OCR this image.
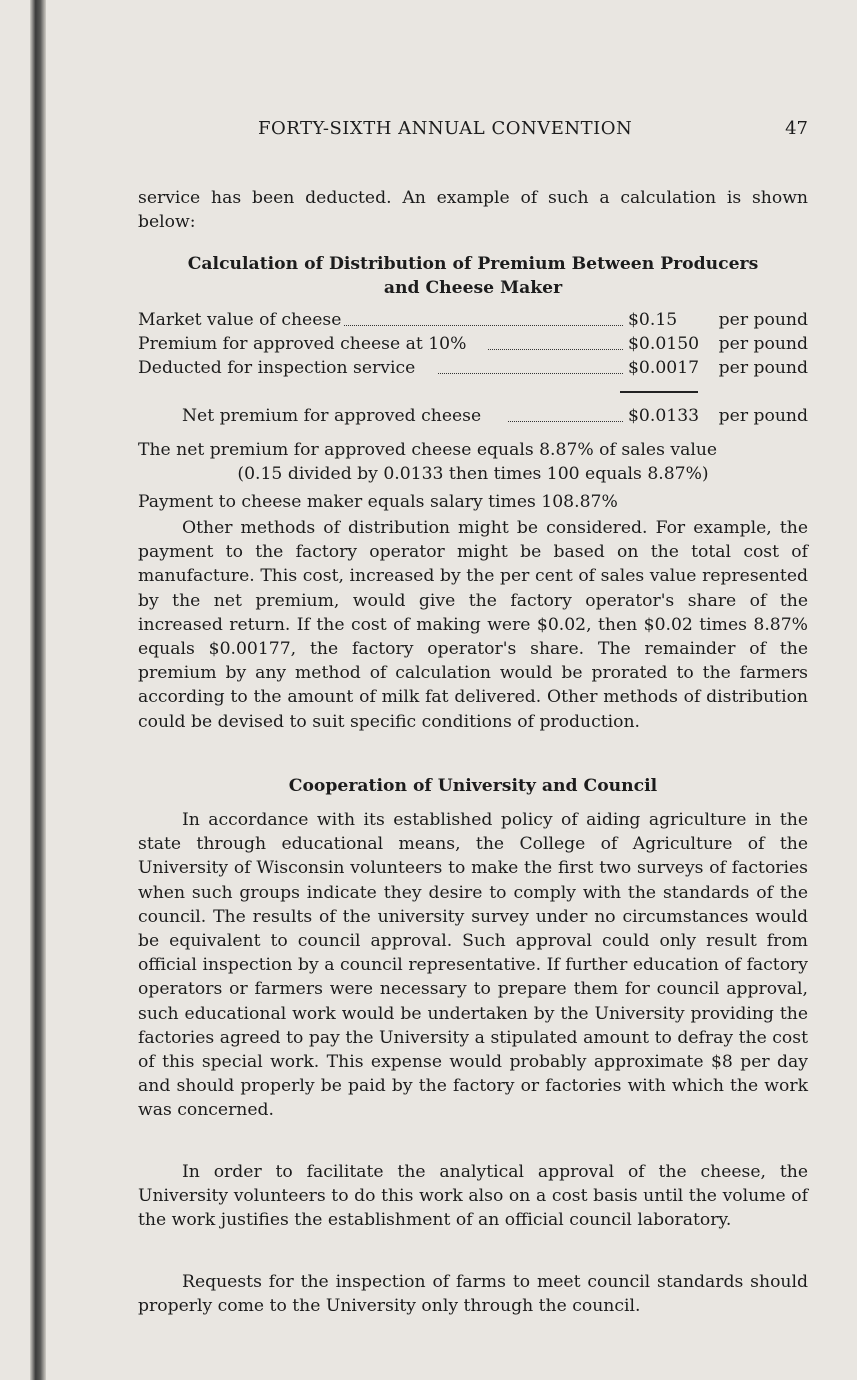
FORTY-SIXTH ANNUAL CONVENTION	47

service has been deducted. An example of such a calculation is shown below:

Calculation of Distribution of Premium Between Producers
and Cheese Maker
Market value of cheese	$0.15 per pound
Premium for approved cheese at 10%	$0.0150 per pound
Deducted for inspection service	$0.0017 per pound
Net premium for approved cheese	$0.0133 per pound

The net premium for approved cheese equals 8.87% of sales value

(0.15 divided by 0.0133 then times 100 equals 8.87%)

Payment to cheese maker equals salary times 108.87%

Other methods of distribution might be considered. For example, the payment to the factory operator might be based on the total cost of manufacture. This cost, increased by the per cent of sales value represented by the net premium, would give the factory operator's share of the increased return. If the cost of making were $0.02, then $0.02 times 8.87% equals $0.00177, the factory operator's share. The remainder of the premium by any method of calculation would be prorated to the farmers according to the amount of milk fat delivered. Other methods of distribution could be devised to suit specific conditions of production.

Cooperation of University and Council

In accordance with its established policy of aiding agriculture in the state through educational means, the College of Agriculture of the University of Wisconsin volunteers to make the first two surveys of factories when such groups indicate they desire to comply with the standards of the council. The results of the university survey under no circumstances would be equivalent to council approval. Such approval could only result from official inspection by a council representative. If further education of factory operators or farmers were necessary to prepare them for council approval, such educational work would be undertaken by the University providing the factories agreed to pay the University a stipulated amount to defray the cost of this special work. This expense would probably approximate $8 per day and should properly be paid by the factory or factories with which the work was concerned.

In order to facilitate the analytical approval of the cheese, the University volunteers to do this work also on a cost basis until the volume of the work justifies the establishment of an official council laboratory.

Requests for the inspection of farms to meet council standards should properly come to the University only through the council.
